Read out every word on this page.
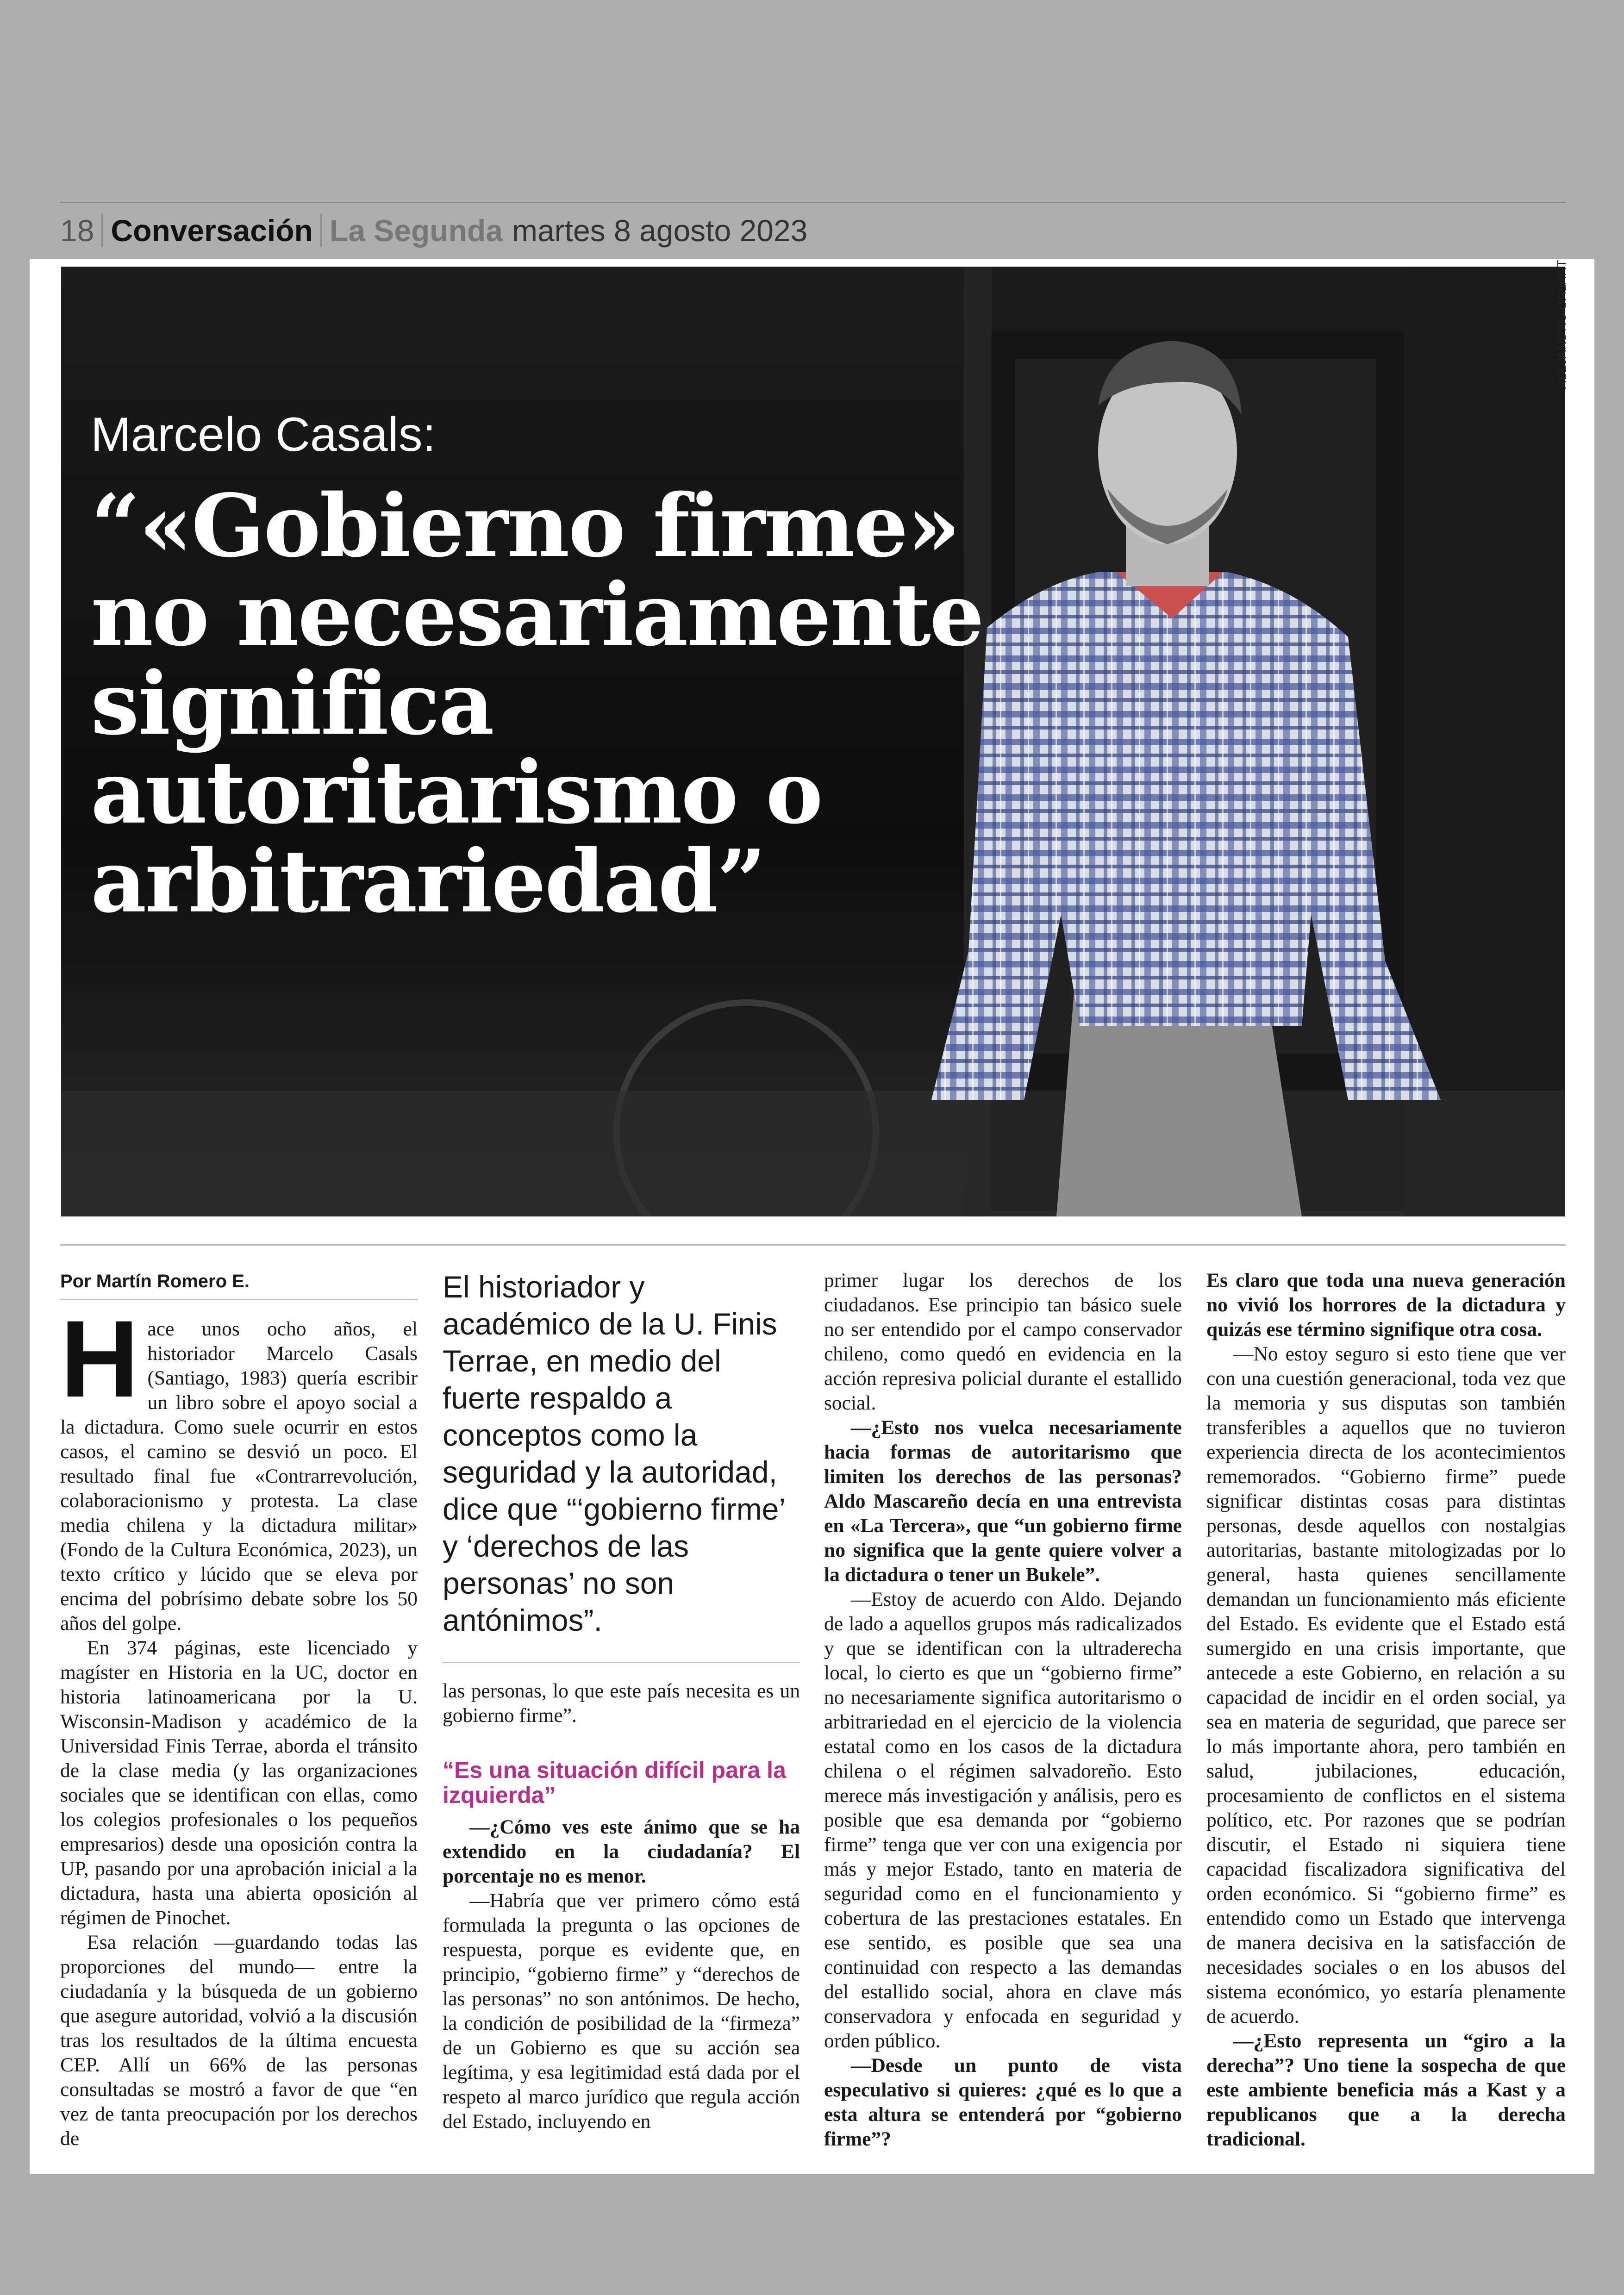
18 Conversación La Segunda martes 8 agosto 2023
ALEJANDRO BALART
Marcelo Casals:
“«Gobierno firme» no necesariamente significa autoritarismo o arbitrariedad”
Por Martín Romero E.

Hace unos ocho años, el historiador Marcelo Casals (Santiago, 1983) quería escribir un libro sobre el apoyo social a la dictadura. Como suele ocurrir en estos casos, el camino se desvió un poco. El resultado final fue «Contrarrevolución, colaboracionismo y protesta. La clase media chilena y la dictadura militar» (Fondo de la Cultura Económica, 2023), un texto crítico y lúcido que se eleva por encima del pobrísimo debate sobre los 50 años del golpe.

En 374 páginas, este licenciado y magíster en Historia en la UC, doctor en historia latinoamericana por la U. Wisconsin-Madison y académico de la Universidad Finis Terrae, aborda el tránsito de la clase media (y las organizaciones sociales que se identifican con ellas, como los colegios profesionales o los pequeños empresarios) desde una oposición contra la UP, pasando por una aprobación inicial a la dictadura, hasta una abierta oposición al régimen de Pinochet.

Esa relación —guardando todas las proporciones del mundo— entre la ciudadanía y la búsqueda de un gobierno que asegure autoridad, volvió a la discusión tras los resultados de la última encuesta CEP. Allí un 66% de las personas consultadas se mostró a favor de que “en vez de tanta preocupación por los derechos de

El historiador y académico de la U. Finis Terrae, en medio del fuerte respaldo a conceptos como la seguridad y la autoridad, dice que “‘gobierno firme’ y ‘derechos de las personas’ no son antónimos”.

las personas, lo que este país necesita es un gobierno firme”.

“Es una situación difícil para la izquierda”

—¿Cómo ves este ánimo que se ha extendido en la ciudadanía? El porcentaje no es menor.

—Habría que ver primero cómo está formulada la pregunta o las opciones de respuesta, porque es evidente que, en principio, “gobierno firme” y “derechos de las personas” no son antónimos. De hecho, la condición de posibilidad de la “firmeza” de un Gobierno es que su acción sea legítima, y esa legitimidad está dada por el respeto al marco jurídico que regula acción del Estado, incluyendo en

primer lugar los derechos de los ciudadanos. Ese principio tan básico suele no ser entendido por el campo conservador chileno, como quedó en evidencia en la acción represiva policial durante el estallido social.

—¿Esto nos vuelca necesariamente hacia formas de autoritarismo que limiten los derechos de las personas? Aldo Mascareño decía en una entrevista en «La Tercera», que “un gobierno firme no significa que la gente quiere volver a la dictadura o tener un Bukele”.

—Estoy de acuerdo con Aldo. Dejando de lado a aquellos grupos más radicalizados y que se identifican con la ultraderecha local, lo cierto es que un “gobierno firme” no necesariamente significa autoritarismo o arbitrariedad en el ejercicio de la violencia estatal como en los casos de la dictadura chilena o el régimen salvadoreño. Esto merece más investigación y análisis, pero es posible que esa demanda por “gobierno firme” tenga que ver con una exigencia por más y mejor Estado, tanto en materia de seguridad como en el funcionamiento y cobertura de las prestaciones estatales. En ese sentido, es posible que sea una continuidad con respecto a las demandas del estallido social, ahora en clave más conservadora y enfocada en seguridad y orden público.

—Desde un punto de vista especulativo si quieres: ¿qué es lo que a esta altura se entenderá por “gobierno firme”?

Es claro que toda una nueva generación no vivió los horrores de la dictadura y quizás ese término signifique otra cosa.

—No estoy seguro si esto tiene que ver con una cuestión generacional, toda vez que la memoria y sus disputas son también transferibles a aquellos que no tuvieron experiencia directa de los acontecimientos rememorados. “Gobierno firme” puede significar distintas cosas para distintas personas, desde aquellos con nostalgias autoritarias, bastante mitologizadas por lo general, hasta quienes sencillamente demandan un funcionamiento más eficiente del Estado. Es evidente que el Estado está sumergido en una crisis importante, que antecede a este Gobierno, en relación a su capacidad de incidir en el orden social, ya sea en materia de seguridad, que parece ser lo más importante ahora, pero también en salud, jubilaciones, educación, procesamiento de conflictos en el sistema político, etc. Por razones que se podrían discutir, el Estado ni siquiera tiene capacidad fiscalizadora significativa del orden económico. Si “gobierno firme” es entendido como un Estado que intervenga de manera decisiva en la satisfacción de necesidades sociales o en los abusos del sistema económico, yo estaría plenamente de acuerdo.

—¿Esto representa un “giro a la derecha”? Uno tiene la sospecha de que este ambiente beneficia más a Kast y a republicanos que a la derecha tradicional.
